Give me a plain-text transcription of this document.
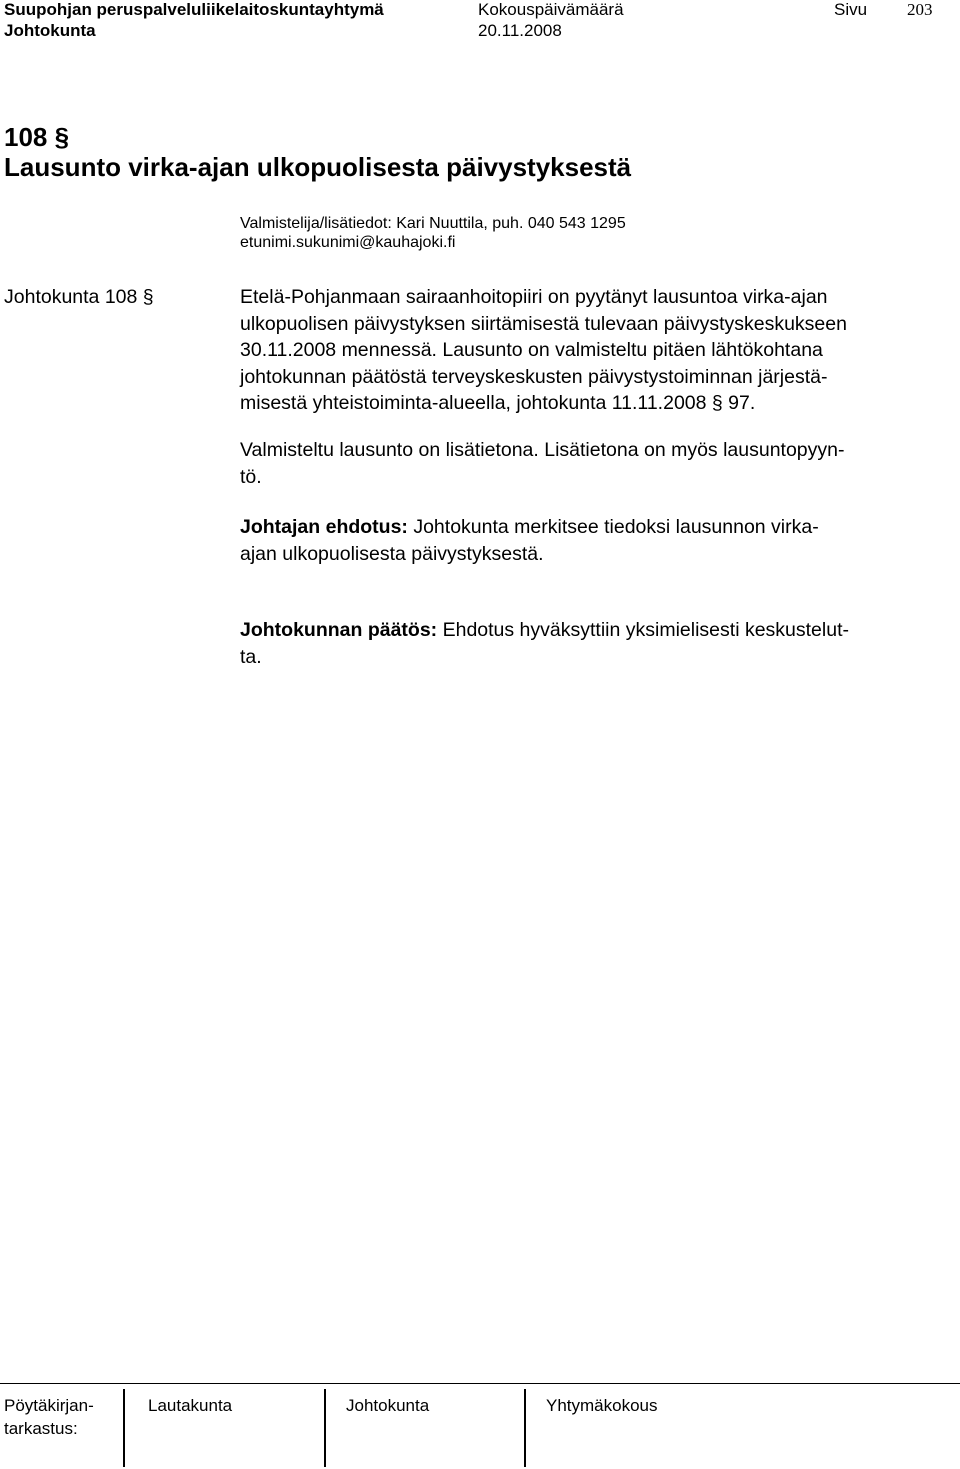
Suupohjan peruspalveluliikelaitoskuntayhtymä	Kokouspäivämäärä	Sivu 203
Johtokunta	20.11.2008
108 §
Lausunto virka-ajan ulkopuolisesta päivystyksestä
Valmistelija/lisätiedot: Kari Nuuttila, puh. 040 543 1295
etunimi.sukunimi@kauhajoki.fi
Johtokunta 108 §	Etelä-Pohjanmaan sairaanhoitopiiri on pyytänyt lausuntoa virka-ajan
ulkopuolisen päivystyksen siirtämisestä tulevaan päivystyskeskukseen
30.11.2008 mennessä. Lausunto on valmisteltu pitäen lähtökohtana
johtokunnan päätöstä terveyskeskusten päivystystoiminnan järjestä-
misestä yhteistoiminta-alueella, johtokunta 11.11.2008 § 97.
Valmisteltu lausunto on lisätietona. Lisätietona on myös lausuntopyyn-
tö.
Johtajan ehdotus: Johtokunta merkitsee tiedoksi lausunnon virka-
ajan ulkopuolisesta päivystyksestä.
Johtokunnan päätös: Ehdotus hyväksyttiin yksimielisesti keskustelut-
ta.
Pöytäkirjan-
tarkastus:
Lautakunta	Johtokunta	Yhtymäkokous
